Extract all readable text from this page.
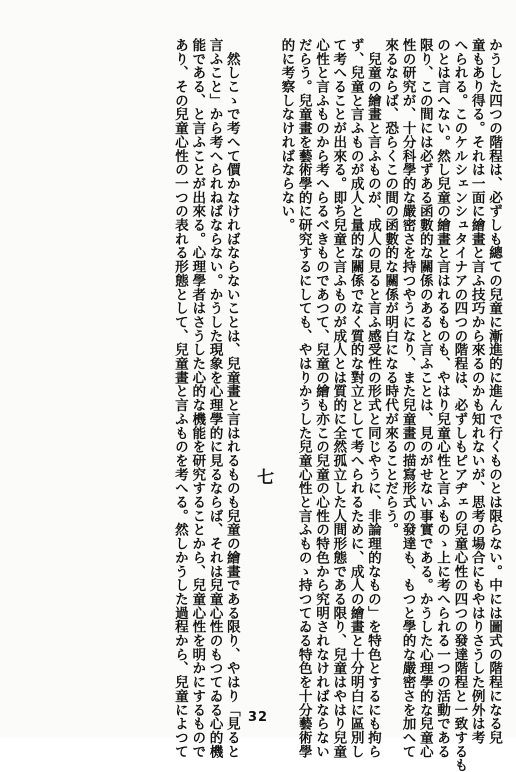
かうした四つの階程は、必ずしも總ての兒童に漸進的に進んで行くものとは限らない。中には圖式の階程になる兒
童もあり得る。それは一面に繪畫と言ふ技巧から來るのかも知れないが、思考の場合にもやはりさうした例外は考
へられる。このケルシェンシュタイナアの四つの階程は、必ずしもピアヂェの兒童心性の四つの發達階程と一致するも
のとは言へない。然し兒童の繪畫と言はれるものも、やはり兒童心性と言ふものゝ上に考へられる一つの活動である
限り、この間には必ずある函數的な關係のあると言ふことは、見のがせない事實である。かうした心理學的な兒童心
性の研究が、十分科學的な嚴密さを持つやうになり、また兒童畫の描寫形式の發達も、もつと學的な嚴密さを加へて
來るならば、恐らくこの間の函數的な關係が明白になる時代が來ることだらう。
　兒童の繪畫と言ふものが、成人の見ると言ふ感受性の形式と同じやうに、非論理的なもの」を特色とするにも拘ら
ず、兒童と言ふものが成人と量的な關係でなく質的な對立として考へられるために、成人の繪畫と十分明白に區別し
て考へることが出來る。即ち兒童と言ふものが成人とは質的に全然孤立した人間形態である限り、兒童はやはり兒童
心性と言ふものから考へらるべきものであつて、兒童の繪も亦この兒童の心性の特色から究明されなければならない
だらう。兒童畫を藝術學的に研究するにしても、やはりかうした兒童心性と言ふものゝ持つてゐる特色を十分藝術學
的に考察しなければならない。
七
　然しこゝで考へて價かなければならないことは、兒童畫と言はれるものも兒童の繪畫である限り、やはり「見ると
言ふこと」から考へられねばならない。かうした現象を心理學的に見るならば、それは兒童心性のもつてゐる心的機
能である、と言ふことが出來る。心理學者はさうした心的な機能を研究することから、兒童心性を明かにするもので
あり、その兒童心性の一つの表れる形態として、兒童畫と言ふものを考へる。然しかうした過程から、兒童によつて	32
